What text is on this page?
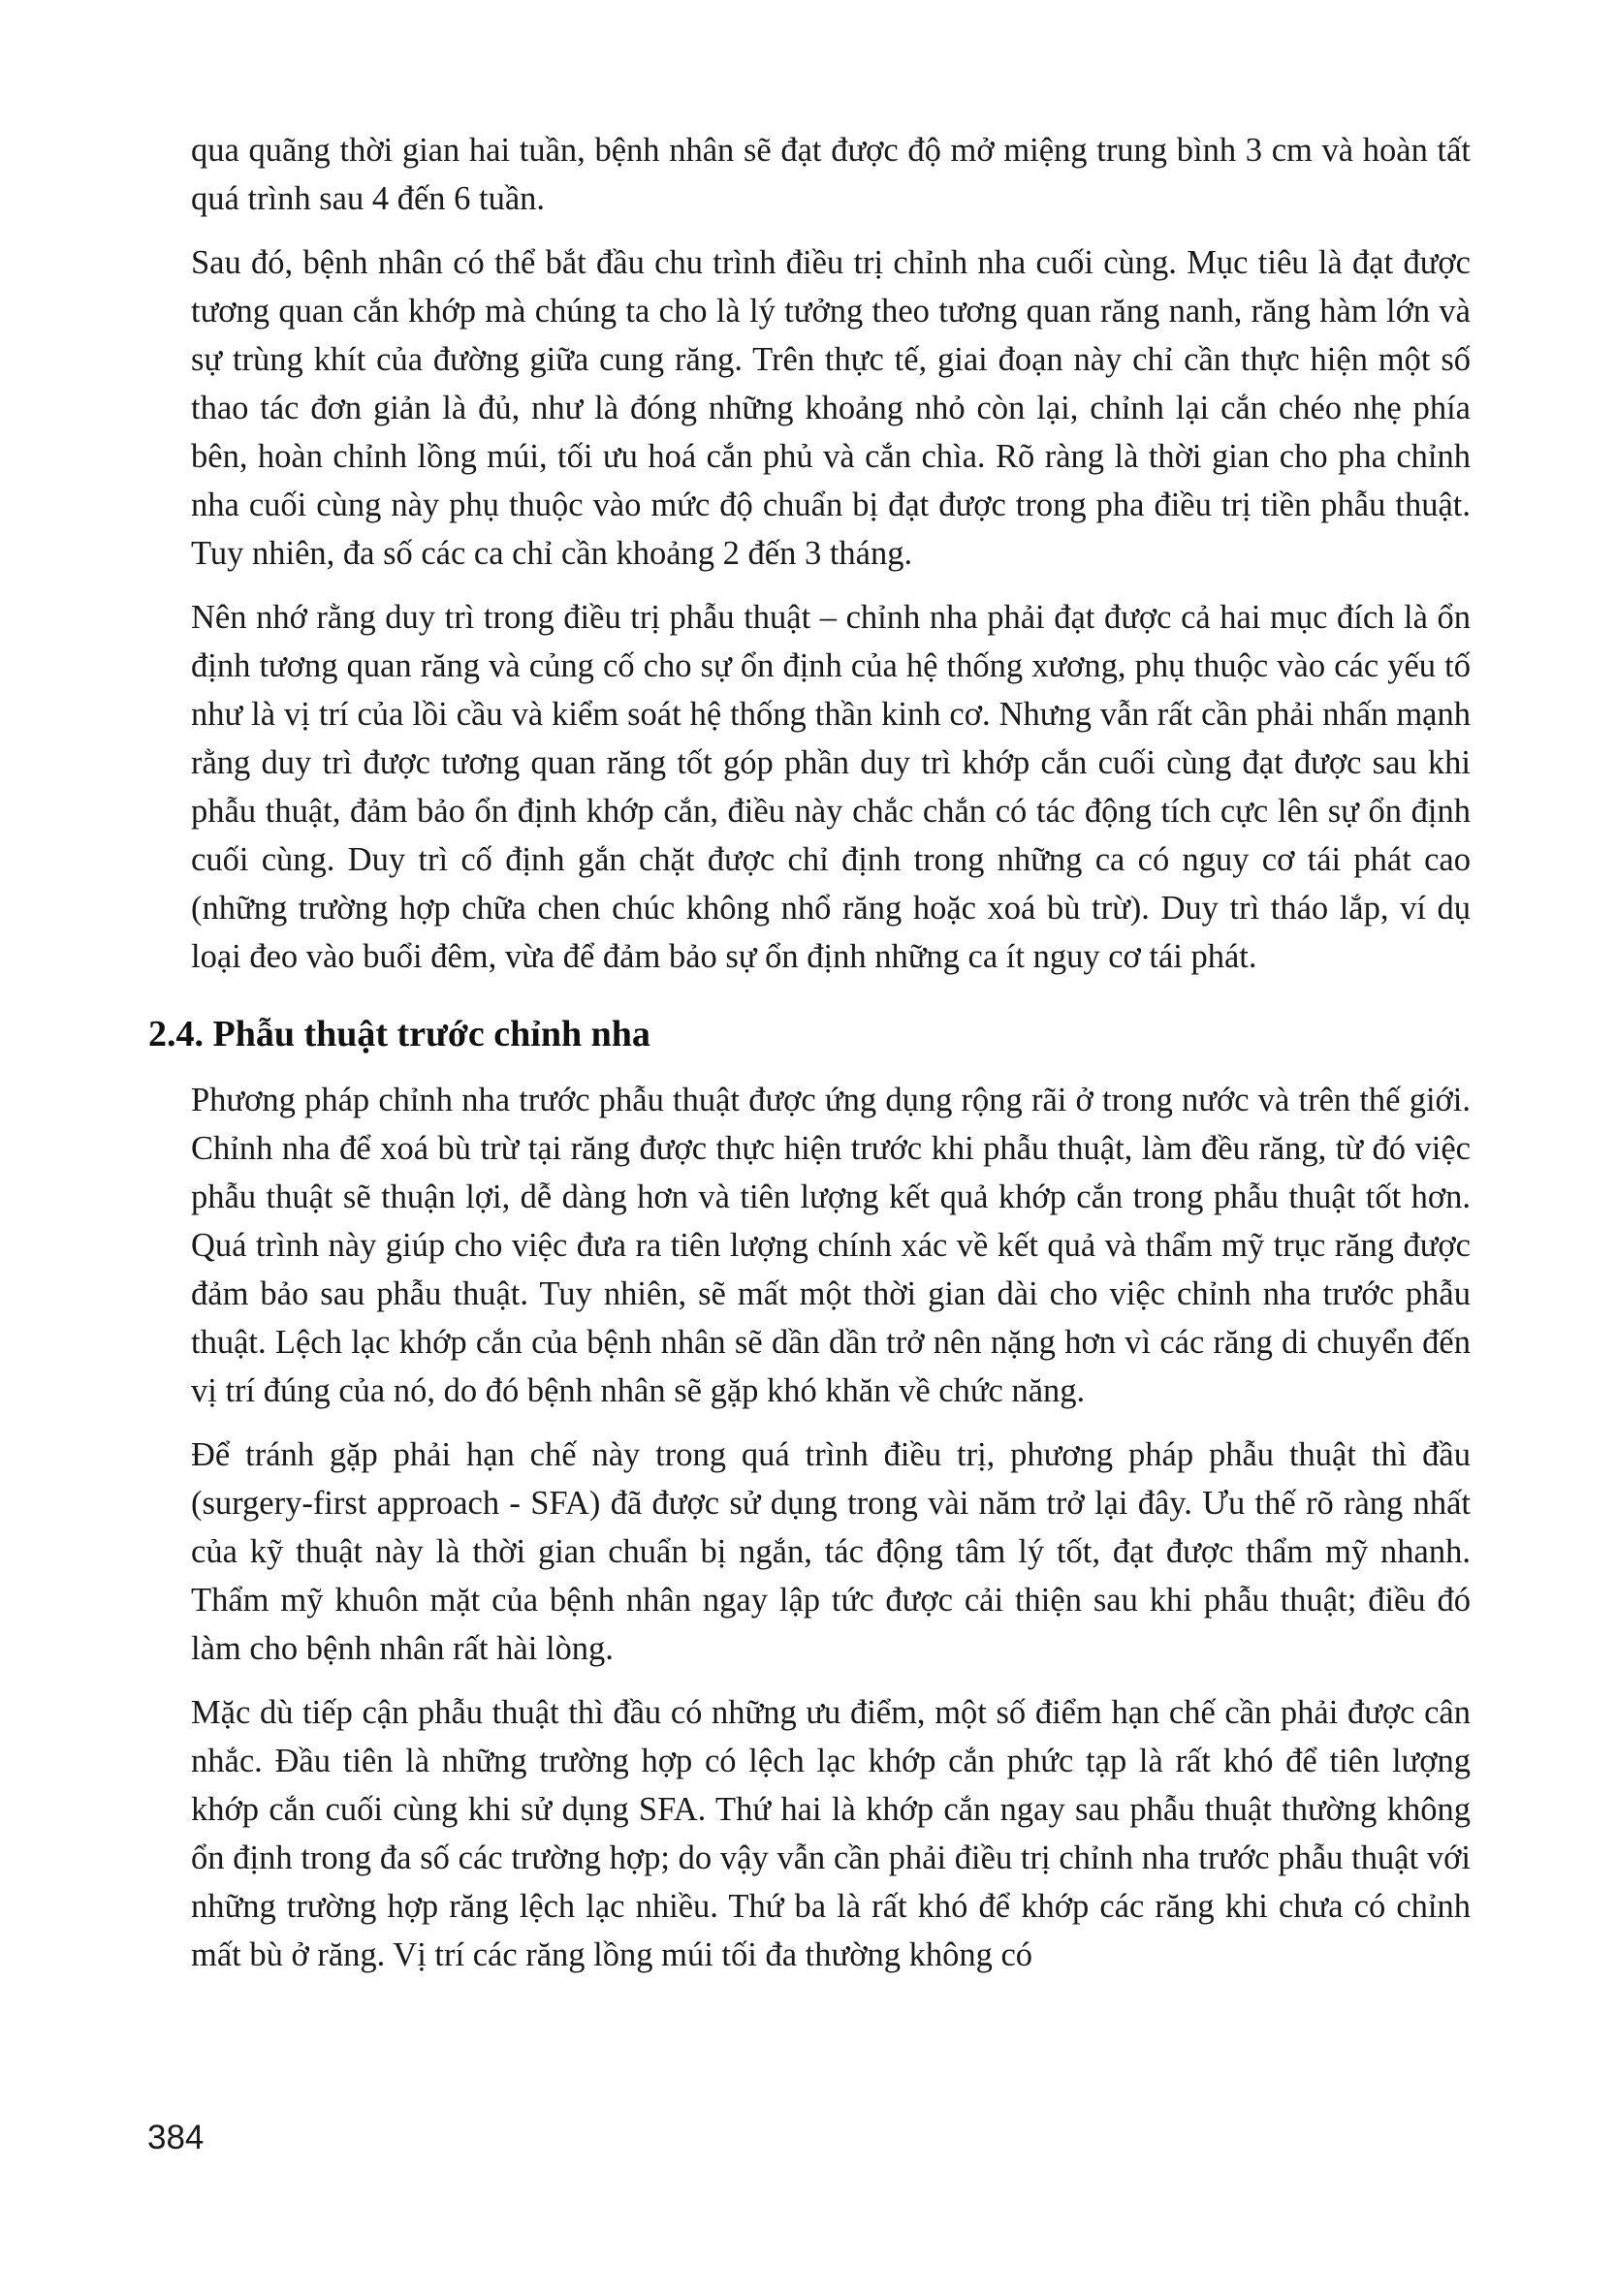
qua quãng thời gian hai tuần, bệnh nhân sẽ đạt được độ mở miệng trung bình 3 cm và hoàn tất quá trình sau 4 đến 6 tuần.

Sau đó, bệnh nhân có thể bắt đầu chu trình điều trị chỉnh nha cuối cùng. Mục tiêu là đạt được tương quan cắn khớp mà chúng ta cho là lý tưởng theo tương quan răng nanh, răng hàm lớn và sự trùng khít của đường giữa cung răng. Trên thực tế, giai đoạn này chỉ cần thực hiện một số thao tác đơn giản là đủ, như là đóng những khoảng nhỏ còn lại, chỉnh lại cắn chéo nhẹ phía bên, hoàn chỉnh lồng múi, tối ưu hoá cắn phủ và cắn chìa. Rõ ràng là thời gian cho pha chỉnh nha cuối cùng này phụ thuộc vào mức độ chuẩn bị đạt được trong pha điều trị tiền phẫu thuật. Tuy nhiên, đa số các ca chỉ cần khoảng 2 đến 3 tháng.

Nên nhớ rằng duy trì trong điều trị phẫu thuật – chỉnh nha phải đạt được cả hai mục đích là ổn định tương quan răng và củng cố cho sự ổn định của hệ thống xương, phụ thuộc vào các yếu tố như là vị trí của lồi cầu và kiểm soát hệ thống thần kinh cơ. Nhưng vẫn rất cần phải nhấn mạnh rằng duy trì được tương quan răng tốt góp phần duy trì khớp cắn cuối cùng đạt được sau khi phẫu thuật, đảm bảo ổn định khớp cắn, điều này chắc chắn có tác động tích cực lên sự ổn định cuối cùng. Duy trì cố định gắn chặt được chỉ định trong những ca có nguy cơ tái phát cao (những trường hợp chữa chen chúc không nhổ răng hoặc xoá bù trừ). Duy trì tháo lắp, ví dụ loại đeo vào buổi đêm, vừa để đảm bảo sự ổn định những ca ít nguy cơ tái phát.

2.4. Phẫu thuật trước chỉnh nha

Phương pháp chỉnh nha trước phẫu thuật được ứng dụng rộng rãi ở trong nước và trên thế giới. Chỉnh nha để xoá bù trừ tại răng được thực hiện trước khi phẫu thuật, làm đều răng, từ đó việc phẫu thuật sẽ thuận lợi, dễ dàng hơn và tiên lượng kết quả khớp cắn trong phẫu thuật tốt hơn. Quá trình này giúp cho việc đưa ra tiên lượng chính xác về kết quả và thẩm mỹ trục răng được đảm bảo sau phẫu thuật. Tuy nhiên, sẽ mất một thời gian dài cho việc chỉnh nha trước phẫu thuật. Lệch lạc khớp cắn của bệnh nhân sẽ dần dần trở nên nặng hơn vì các răng di chuyển đến vị trí đúng của nó, do đó bệnh nhân sẽ gặp khó khăn về chức năng.

Để tránh gặp phải hạn chế này trong quá trình điều trị, phương pháp phẫu thuật thì đầu (surgery-first approach - SFA) đã được sử dụng trong vài năm trở lại đây. Ưu thế rõ ràng nhất của kỹ thuật này là thời gian chuẩn bị ngắn, tác động tâm lý tốt, đạt được thẩm mỹ nhanh. Thẩm mỹ khuôn mặt của bệnh nhân ngay lập tức được cải thiện sau khi phẫu thuật; điều đó làm cho bệnh nhân rất hài lòng.

Mặc dù tiếp cận phẫu thuật thì đầu có những ưu điểm, một số điểm hạn chế cần phải được cân nhắc. Đầu tiên là những trường hợp có lệch lạc khớp cắn phức tạp là rất khó để tiên lượng khớp cắn cuối cùng khi sử dụng SFA. Thứ hai là khớp cắn ngay sau phẫu thuật thường không ổn định trong đa số các trường hợp; do vậy vẫn cần phải điều trị chỉnh nha trước phẫu thuật với những trường hợp răng lệch lạc nhiều. Thứ ba là rất khó để khớp các răng khi chưa có chỉnh mất bù ở răng. Vị trí các răng lồng múi tối đa thường không có

384
